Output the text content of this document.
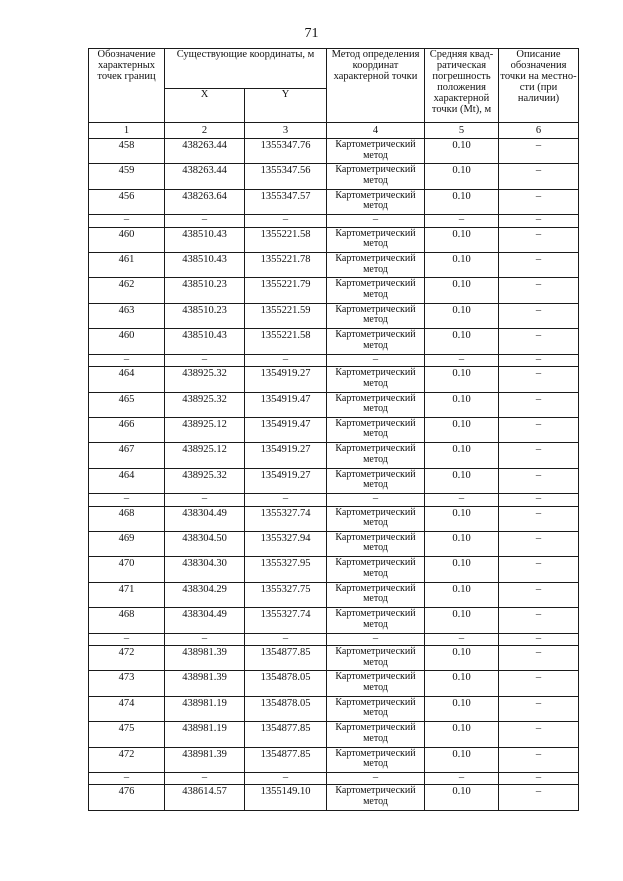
71
Обозначение характерных точек границ	Существующие координаты, м		Метод определения координат характерной точки	Средняя квад-ратическая погрешность положения характерной точки (Mt), м	Описание обозначения точки на местно-сти (при наличии)
	X	Y			
1	2	3	4	5	6
458	438263.44	1355347.76	Картометрический метод	0.10	–
459	438263.44	1355347.56	Картометрический метод	0.10	–
456	438263.64	1355347.57	Картометрический метод	0.10	–
–	–	–	–	–	–
460	438510.43	1355221.58	Картометрический метод	0.10	–
461	438510.43	1355221.78	Картометрический метод	0.10	–
462	438510.23	1355221.79	Картометрический метод	0.10	–
463	438510.23	1355221.59	Картометрический метод	0.10	–
460	438510.43	1355221.58	Картометрический метод	0.10	–
–	–	–	–	–	–
464	438925.32	1354919.27	Картометрический метод	0.10	–
465	438925.32	1354919.47	Картометрический метод	0.10	–
466	438925.12	1354919.47	Картометрический метод	0.10	–
467	438925.12	1354919.27	Картометрический метод	0.10	–
464	438925.32	1354919.27	Картометрический метод	0.10	–
–	–	–	–	–	–
468	438304.49	1355327.74	Картометрический метод	0.10	–
469	438304.50	1355327.94	Картометрический метод	0.10	–
470	438304.30	1355327.95	Картометрический метод	0.10	–
471	438304.29	1355327.75	Картометрический метод	0.10	–
468	438304.49	1355327.74	Картометрический метод	0.10	–
–	–	–	–	–	–
472	438981.39	1354877.85	Картометрический метод	0.10	–
473	438981.39	1354878.05	Картометрический метод	0.10	–
474	438981.19	1354878.05	Картометрический метод	0.10	–
475	438981.19	1354877.85	Картометрический метод	0.10	–
472	438981.39	1354877.85	Картометрический метод	0.10	–
–	–	–	–	–	–
476	438614.57	1355149.10	Картометрический метод	0.10	–
